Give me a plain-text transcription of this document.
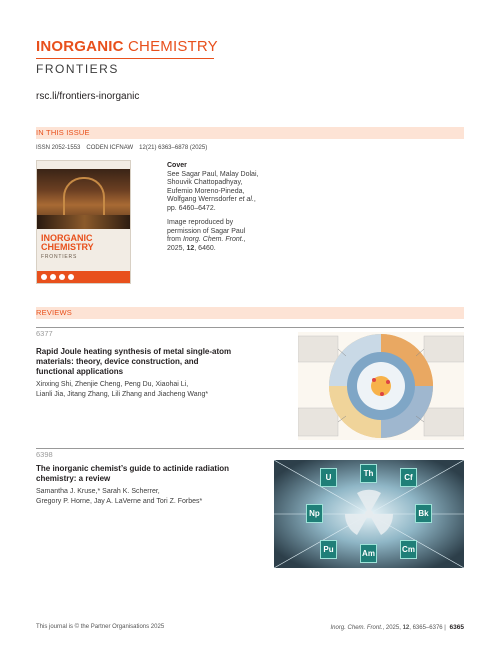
INORGANIC CHEMISTRY
FRONTIERS
rsc.li/frontiers-inorganic
IN THIS ISSUE
ISSN 2052-1553 CODEN ICFNAW 12(21) 6363–6878 (2025)
INORGANIC
CHEMISTRY
FRONTIERS

Cover

See Sagar Paul, Malay Dolai,

Shouvik Chattopadhyay,

Eufemio Moreno-Pineda,

Wolfgang Wernsdorfer et al.,

pp. 6460–6472.

Image reproduced by

permission of Sagar Paul

from Inorg. Chem. Front.,

2025, 12, 6460.

REVIEWS
6377
Rapid Joule heating synthesis of metal single-atom
materials: theory, device construction, and
functional applications
Xinxing Shi, Zhenjie Cheng, Peng Du, Xiaohai Li,
Lianli Jia, Jitang Zhang, Lili Zhang and Jiacheng Wang*
6398
The inorganic chemist’s guide to actinide radiation
chemistry: a review
Samantha J. Kruse,* Sarah K. Scherrer,
Gregory P. Horne, Jay A. LaVerne and Tori Z. Forbes*
U	Th	Cf
Np	Bk
Pu	Am	Cm
This journal is © the Partner Organisations 2025	Inorg. Chem. Front., 2025, 12, 6365–6376 | 6365
